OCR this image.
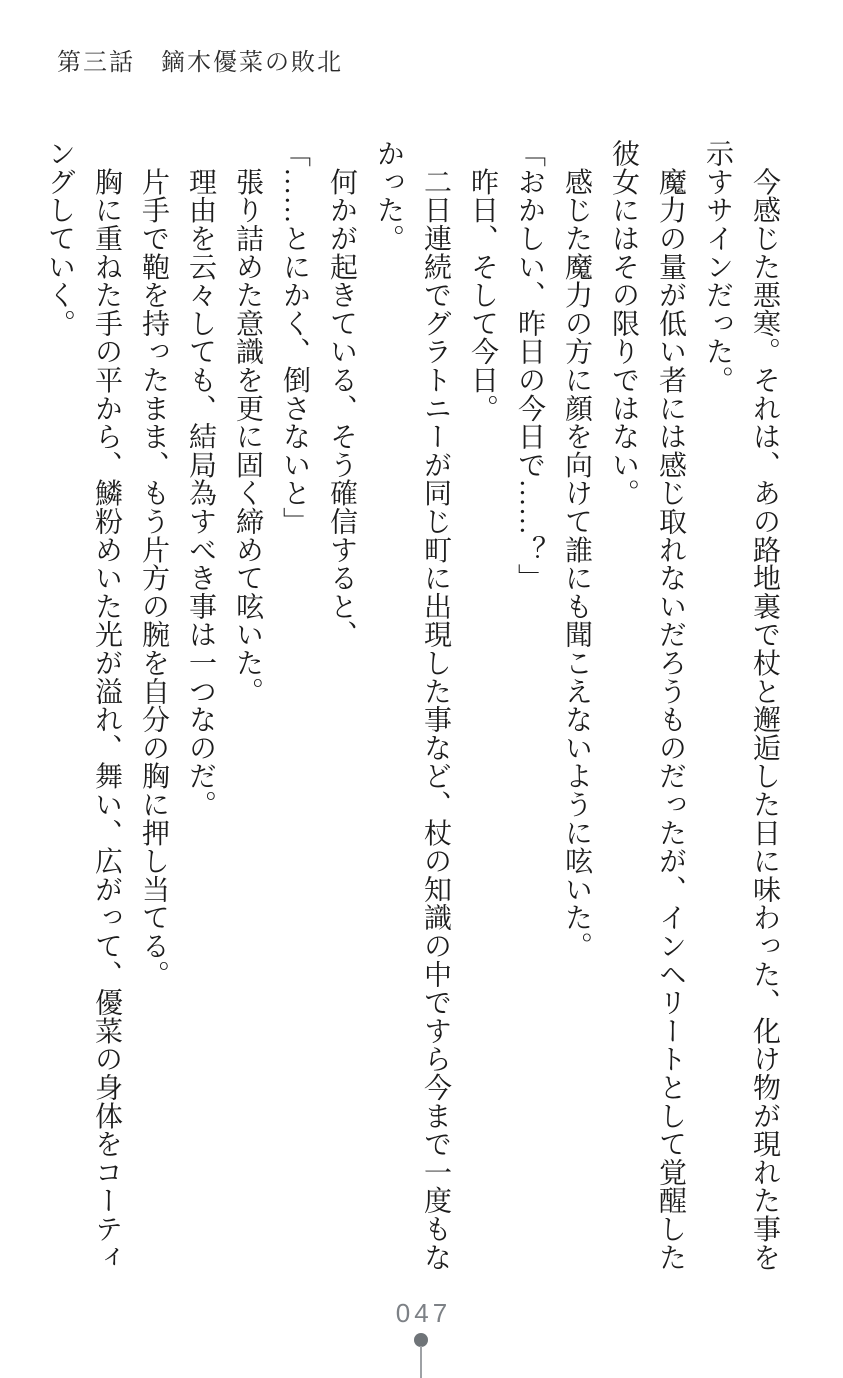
第三話　鏑木優菜の敗北

　今感じた悪寒。それは、あの路地裏で杖と邂逅した日に味わった、化け物が現れた事を

示すサインだった。

　魔力の量が低い者には感じ取れないだろうものだったが、インヘリートとして覚醒した

彼女にはその限りではない。

　感じた魔力の方に顔を向けて誰にも聞こえないように呟いた。

「おかしい、昨日の今日で……？」

　昨日、そして今日。

　二日連続でグラトニーが同じ町に出現した事など、杖の知識の中ですら今まで一度もな

かった。

　何かが起きている、そう確信すると、

「……とにかく、倒さないと」

　張り詰めた意識を更に固く締めて呟いた。

　理由を云々しても、結局為すべき事は一つなのだ。

　片手で鞄を持ったまま、もう片方の腕を自分の胸に押し当てる。

　胸に重ねた手の平から、鱗粉めいた光が溢れ、舞い、広がって、優菜の身体をコーティ

ングしていく。

047
